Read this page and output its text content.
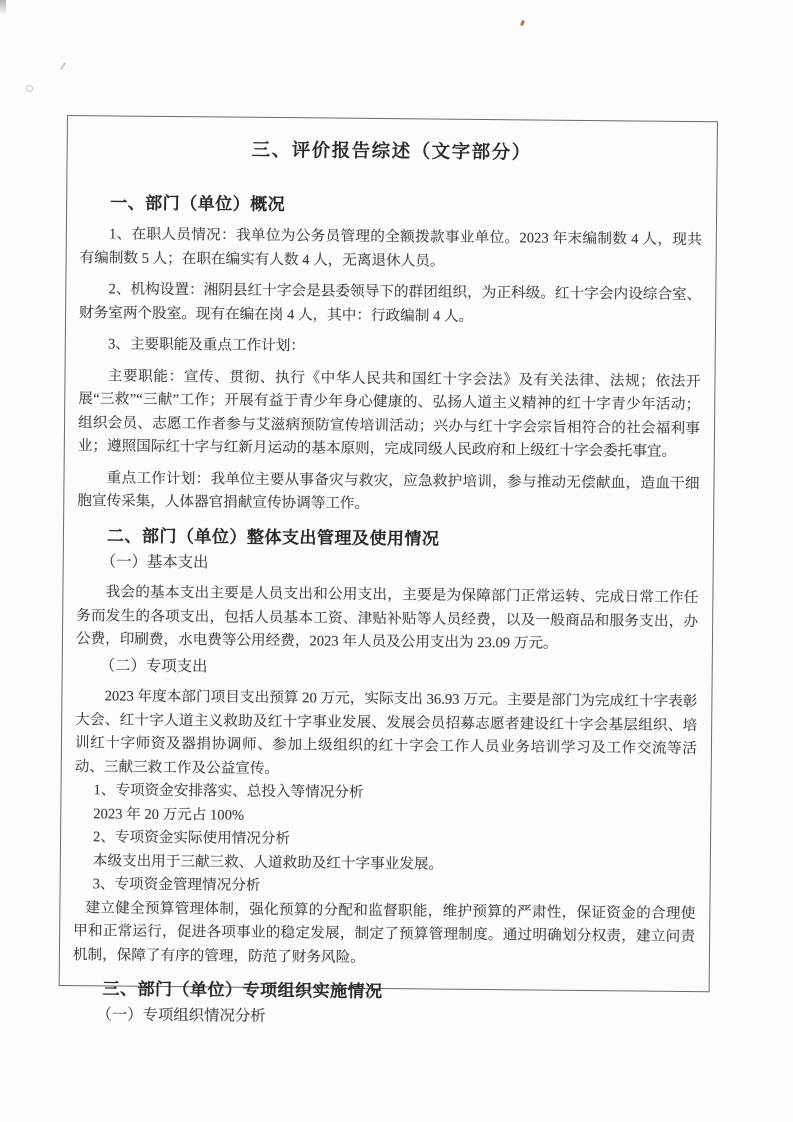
三、评价报告综述（文字部分）
一、部门（单位）概况
1、在职人员情况：我单位为公务员管理的全额拨款事业单位。2023 年末编制数 4 人，现共有编制数 5 人；在职在编实有人数 4 人，无离退休人员。
2、机构设置：湘阴县红十字会是县委领导下的群团组织，为正科级。红十字会内设综合室、财务室两个股室。现有在编在岗 4 人，其中：行政编制 4 人。
3、主要职能及重点工作计划：
主要职能：宣传、贯彻、执行《中华人民共和国红十字会法》及有关法律、法规；依法开展“三救”“三献”工作；开展有益于青少年身心健康的、弘扬人道主义精神的红十字青少年活动；组织会员、志愿工作者参与艾滋病预防宣传培训活动；兴办与红十字会宗旨相符合的社会福利事业；遵照国际红十字与红新月运动的基本原则，完成同级人民政府和上级红十字会委托事宜。
重点工作计划：我单位主要从事备灾与救灾，应急救护培训，参与推动无偿献血，造血干细胞宣传采集，人体器官捐献宣传协调等工作。
二、部门（单位）整体支出管理及使用情况
（一）基本支出
我会的基本支出主要是人员支出和公用支出，主要是为保障部门正常运转、完成日常工作任务而发生的各项支出，包括人员基本工资、津贴补贴等人员经费，以及一般商品和服务支出，办公费，印刷费，水电费等公用经费，2023 年人员及公用支出为 23.09 万元。
（二）专项支出
2023 年度本部门项目支出预算 20 万元，实际支出 36.93 万元。主要是部门为完成红十字表彰大会、红十字人道主义救助及红十字事业发展、发展会员招募志愿者建设红十字会基层组织、培训红十字师资及器捐协调师、参加上级组织的红十字会工作人员业务培训学习及工作交流等活动、三献三救工作及公益宣传。
1、专项资金安排落实、总投入等情况分析
2023 年 20 万元占 100%
2、专项资金实际使用情况分析
本级支出用于三献三救、人道救助及红十字事业发展。
3、专项资金管理情况分析
建立健全预算管理体制，强化预算的分配和监督职能，维护预算的严肃性，保证资金的合理使甲和正常运行，促进各项事业的稳定发展，制定了预算管理制度。通过明确划分权责，建立问责机制，保障了有序的管理，防范了财务风险。
三、部门（单位）专项组织实施情况
（一）专项组织情况分析
